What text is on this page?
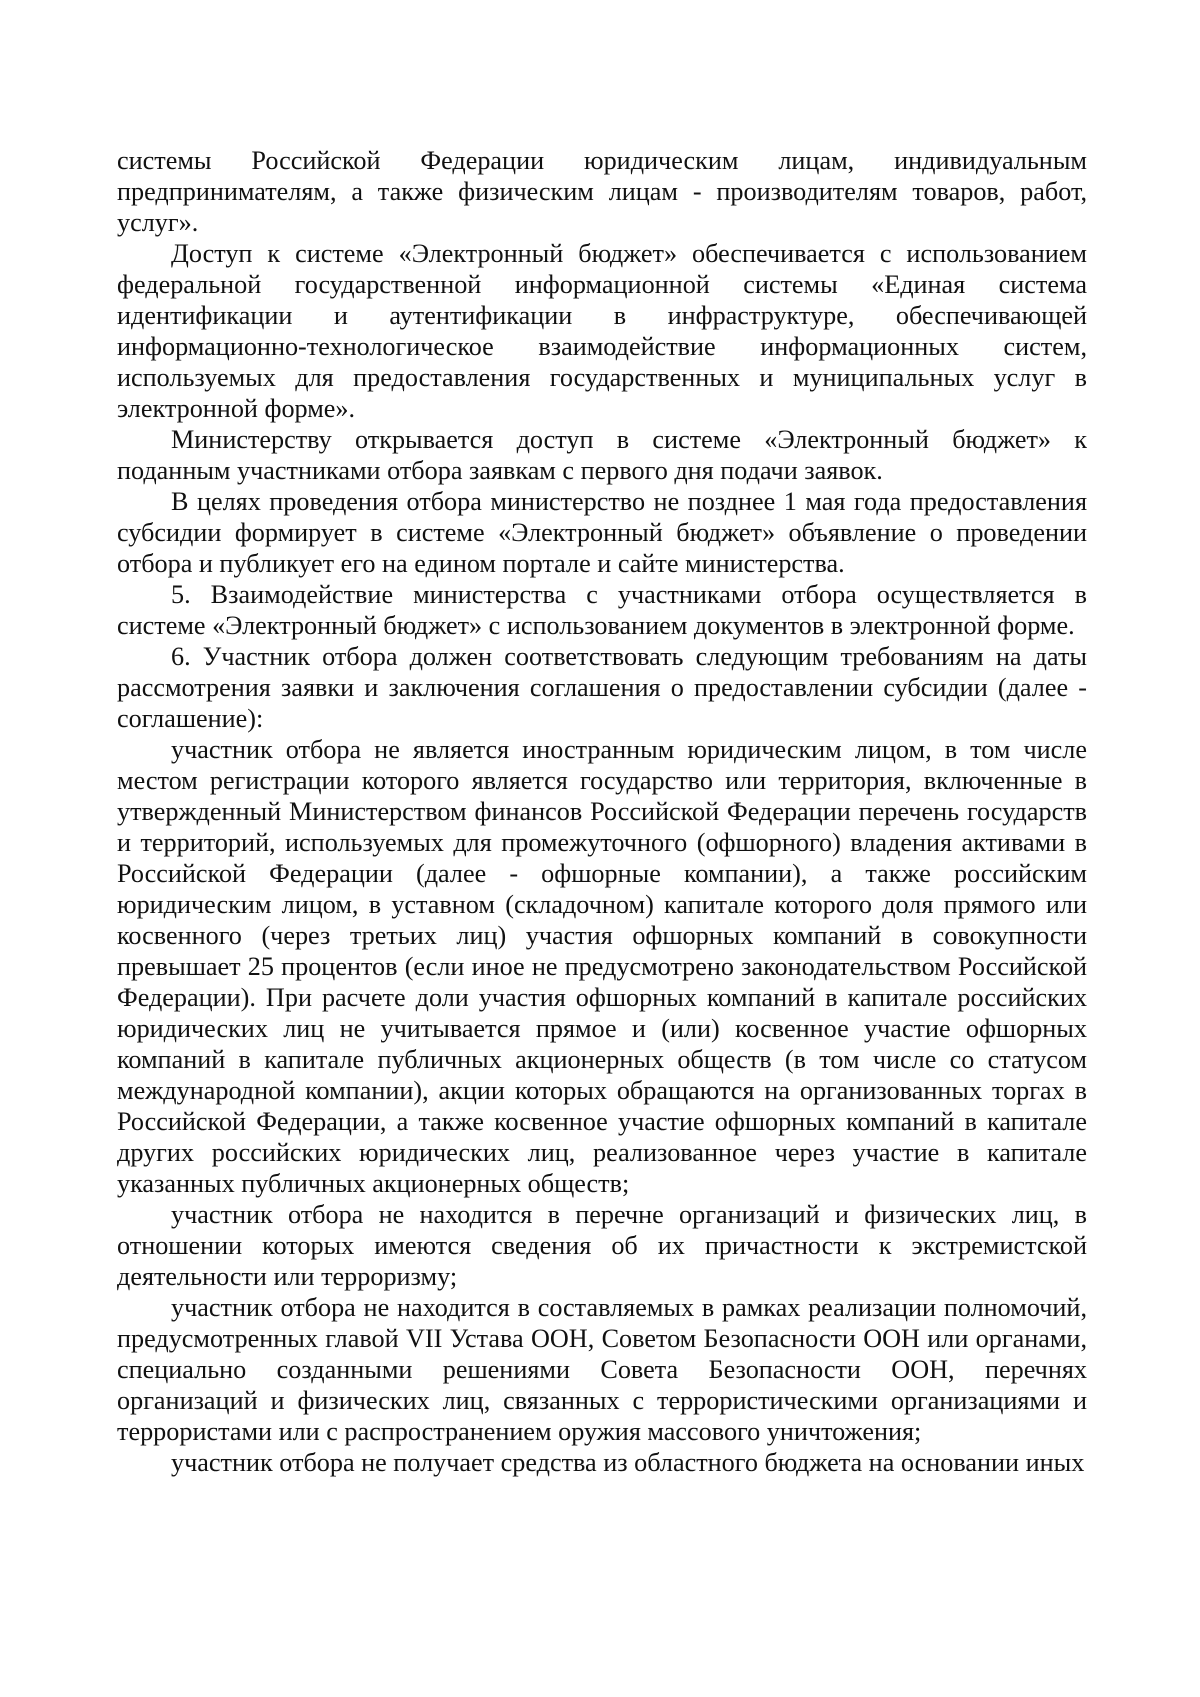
системы Российской Федерации юридическим лицам, индивидуальным предпринимателям, а также физическим лицам - производителям товаров, работ, услуг».

Доступ к системе «Электронный бюджет» обеспечивается с использованием федеральной государственной информационной системы «Единая система идентификации и аутентификации в инфраструктуре, обеспечивающей информационно-технологическое взаимодействие информационных систем, используемых для предоставления государственных и муниципальных услуг в электронной форме».

Министерству открывается доступ в системе «Электронный бюджет» к поданным участниками отбора заявкам с первого дня подачи заявок.

В целях проведения отбора министерство не позднее 1 мая года предоставления субсидии формирует в системе «Электронный бюджет» объявление о проведении отбора и публикует его на едином портале и сайте министерства.

5. Взаимодействие министерства с участниками отбора осуществляется в системе «Электронный бюджет» с использованием документов в электронной форме.

6. Участник отбора должен соответствовать следующим требованиям на даты рассмотрения заявки и заключения соглашения о предоставлении субсидии (далее - соглашение):

участник отбора не является иностранным юридическим лицом, в том числе местом регистрации которого является государство или территория, включенные в утвержденный Министерством финансов Российской Федерации перечень государств и территорий, используемых для промежуточного (офшорного) владения активами в Российской Федерации (далее - офшорные компании), а также российским юридическим лицом, в уставном (складочном) капитале которого доля прямого или косвенного (через третьих лиц) участия офшорных компаний в совокупности превышает 25 процентов (если иное не предусмотрено законодательством Российской Федерации). При расчете доли участия офшорных компаний в капитале российских юридических лиц не учитывается прямое и (или) косвенное участие офшорных компаний в капитале публичных акционерных обществ (в том числе со статусом международной компании), акции которых обращаются на организованных торгах в Российской Федерации, а также косвенное участие офшорных компаний в капитале других российских юридических лиц, реализованное через участие в капитале указанных публичных акционерных обществ;

участник отбора не находится в перечне организаций и физических лиц, в отношении которых имеются сведения об их причастности к экстремистской деятельности или терроризму;

участник отбора не находится в составляемых в рамках реализации полномочий, предусмотренных главой VII Устава ООН, Советом Безопасности ООН или органами, специально созданными решениями Совета Безопасности ООН, перечнях организаций и физических лиц, связанных с террористическими организациями и террористами или с распространением оружия массового уничтожения;

участник отбора не получает средства из областного бюджета на основании иных
